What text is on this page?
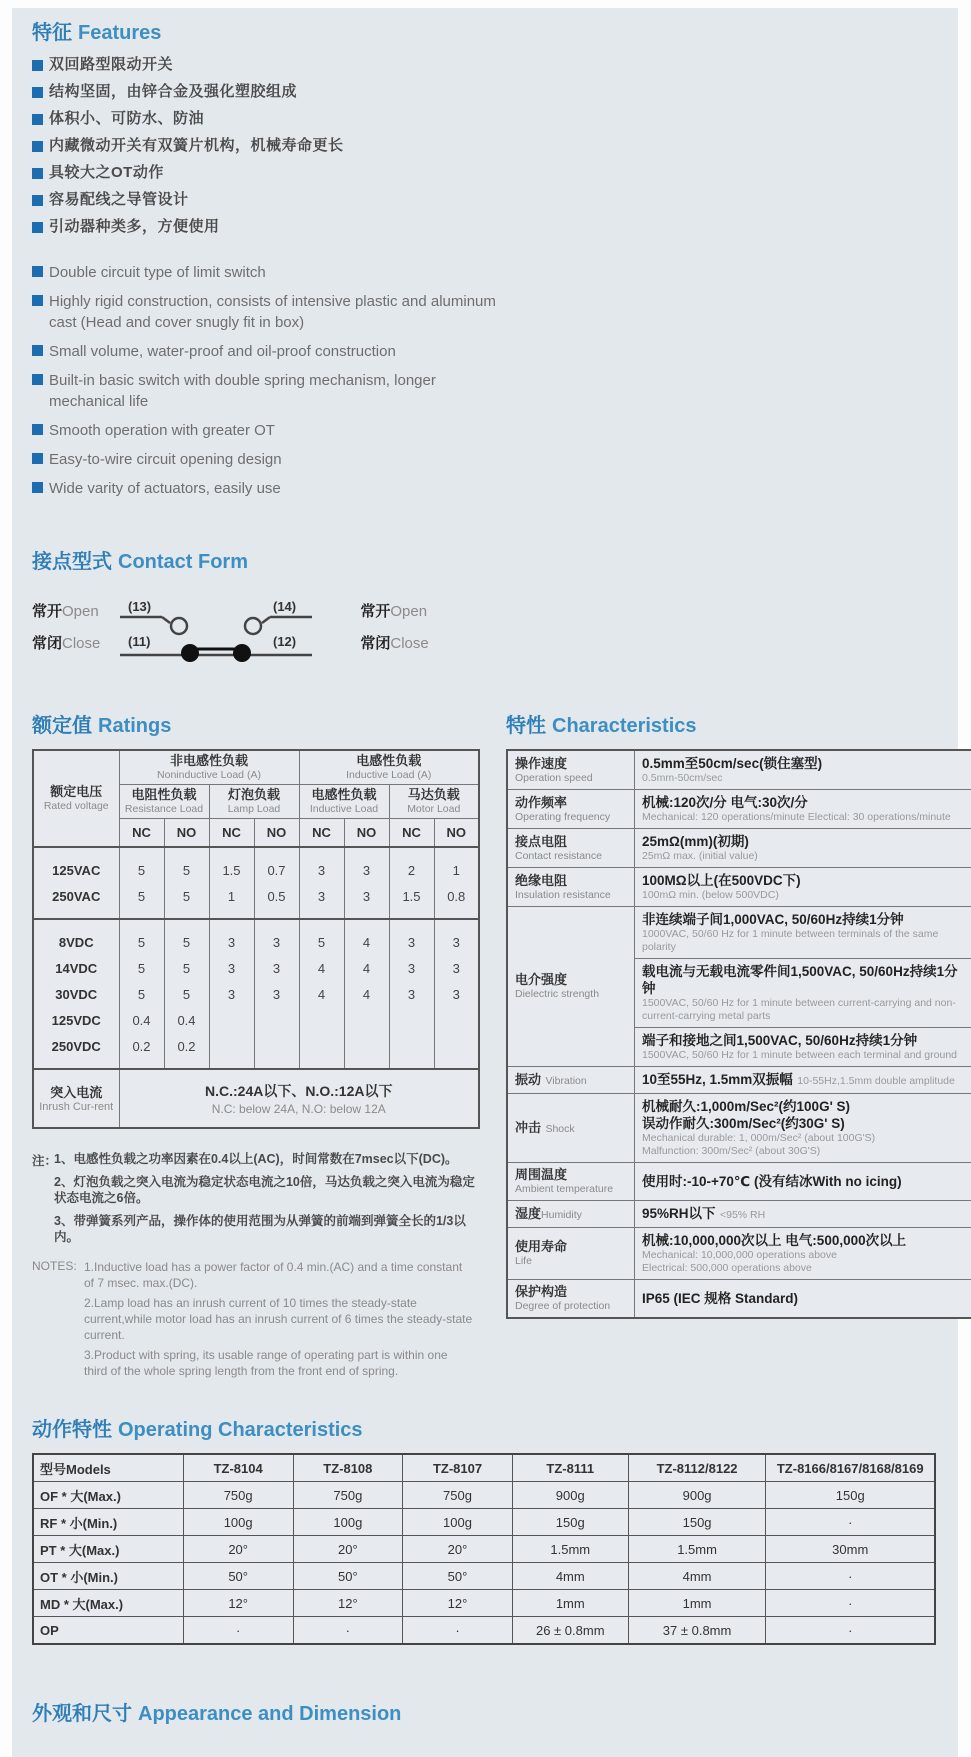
特征 Features
双回路型限动开关
结构坚固，由锌合金及强化塑胶组成
体积小、可防水、防油
内藏微动开关有双簧片机构，机械寿命更长
具较大之OT动作
容易配线之导管设计
引动器种类多，方便使用
Double circuit type of limit switch
Highly rigid construction, consists of intensive plastic and aluminum cast (Head and cover snugly fit in box)
Small volume, water-proof and oil-proof construction
Built-in basic switch with double spring mechanism, longer mechanical life
Smooth operation with greater OT
Easy-to-wire circuit opening design
Wide varity of actuators, easily use
接点型式 Contact Form
常开Open
常闭Close
(13)	(14)
(11)	(12)
常开Open
常闭Close
额定值 Ratings
额定电压
Rated voltage	非电感性负载
Noninductive Load (A)				电感性负载
Inductive Load (A)			

	电阻性负载
Resistance Load		灯泡负载
Lamp Load		电感性负载
Inductive Load		马达负载
Motor Load	

	NC	NO	NC	NO	NC	NO	NC	NO
125VAC	5	5	1.5	0.7	3	3	2	1
250VAC	5	5	1	0.5	3	3	1.5	0.8
8VDC	5	5	3	3	5	4	3	3
14VDC	5	5	3	3	4	4	3	3
30VDC	5	5	3	3	4	4	3	3
125VDC	0.4	0.4						
250VDC	0.2	0.2						

突入电流
Inrush Cur-rent	N.C.:24A以下、N.O.:12A以下
N.C: below 24A, N.O: below 12A							
注：
1、电感性负载之功率因素在0.4以上(AC)，时间常数在7msec以下(DC)。
2、灯泡负载之突入电流为稳定状态电流之10倍，马达负载之突入电流为稳定状态电流之6倍。
3、带弹簧系列产品，操作体的使用范围为从弹簧的前端到弹簧全长的1/3以内。
NOTES: 1.Inductive load has a power factor of 0.4 min.(AC) and a time constant of 7 msec. max.(DC).
2.Lamp load has an inrush current of 10 times the steady-state current,while motor load has an inrush current of 6 times the steady-state current.
3.Product with spring, its usable range of operating part is within one third of the whole spring length from the front end of spring.
特性 Characteristics
操作速度
Operation speed	0.5mm至50cm/sec(锁住塞型)
0.5mm-50cm/sec

动作频率
Operating frequency	机械:120次/分 电气:30次/分
Mechanical: 120 operations/minute Electical: 30 operations/minute

接点电阻
Contact resistance	25mΩ(mm)(初期)
25mΩ max. (initial value)

绝缘电阻
Insulation resistance	100MΩ以上(在500VDC下)
100mΩ min. (below 500VDC)

电介强度
Dielectric strength	非连续端子间1,000VAC, 50/60Hz持续1分钟
1000VAC, 50/60 Hz for 1 minute between terminals of the same polarity

	载电流与无载电流零件间1,500VAC, 50/60Hz持续1分钟
1500VAC, 50/60 Hz for 1 minute between current-carrying and non-current-carrying metal parts

	端子和接地之间1,500VAC, 50/60Hz持续1分钟
1500VAC, 50/60 Hz for 1 minute between each terminal and ground

振动 Vibration	10至55Hz, 1.5mm双振幅 10-55Hz,1.5mm double amplitude
冲击 Shock	机械耐久:1,000m/Sec²(约100G' S)
误动作耐久:300m/Sec²(约30G' S)
Mechanical durable: 1, 000m/Sec² (about 100G'S)
Malfunction: 300m/Sec² (about 30G'S)

周围温度
Ambient temperature	使用时:-10-+70℃ (没有结冰With no icing)

湿度Humidity	95%RH以下 <95% RH

使用寿命
Life	机械:10,000,000次以上 电气:500,000次以上
Mechanical: 10,000,000 operations above
Electrical: 500,000 operations above

保护构造
Degree of protection	IP65 (IEC 规格 Standard)
动作特性 Operating Characteristics
型号Models	TZ-8104	TZ-8108	TZ-8107	TZ-8111	TZ-8112/8122	TZ-8166/8167/8168/8169
OF * 大(Max.)	750g	750g	750g	900g	900g	150g
RF * 小(Min.)	100g	100g	100g	150g	150g	·
PT * 大(Max.)	20°	20°	20°	1.5mm	1.5mm	30mm
OT * 小(Min.)	50°	50°	50°	4mm	4mm	·
MD * 大(Max.)	12°	12°	12°	1mm	1mm	·
OP	·	·	·	26 ± 0.8mm	37 ± 0.8mm	·
外观和尺寸 Appearance and Dimension
